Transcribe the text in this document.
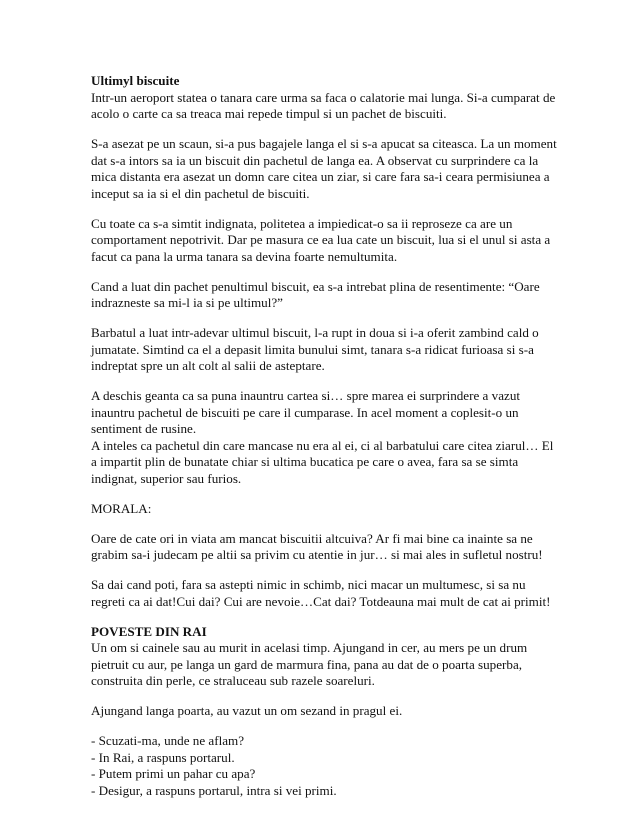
Ultimyl biscuite

Intr-un aeroport statea o tanara care urma sa faca o calatorie mai lunga. Si-a cumparat de
acolo o carte ca sa treaca mai repede timpul si un pachet de biscuiti.

S-a asezat pe un scaun, si-a pus bagajele langa el si s-a apucat sa citeasca. La un moment
dat s-a intors sa ia un biscuit din pachetul de langa ea. A observat cu surprindere ca la
mica distanta era asezat un domn care citea un ziar, si care fara sa-i ceara permisiunea a
inceput sa ia si el din pachetul de biscuiti.

Cu toate ca s-a simtit indignata, politetea a impiedicat-o sa ii reproseze ca are un
comportament nepotrivit. Dar pe masura ce ea lua cate un biscuit, lua si el unul si asta a
facut ca pana la urma tanara sa devina foarte nemultumita.

Cand a luat din pachet penultimul biscuit, ea s-a intrebat plina de resentimente: “Oare
indrazneste sa mi-l ia si pe ultimul?”

Barbatul a luat intr-adevar ultimul biscuit, l-a rupt in doua si i-a oferit zambind cald o
jumatate. Simtind ca el a depasit limita bunului simt, tanara s-a ridicat furioasa si s-a
indreptat spre un alt colt al salii de asteptare.

A deschis geanta ca sa puna inauntru cartea si… spre marea ei surprindere a vazut
inauntru pachetul de biscuiti pe care il cumparase. In acel moment a coplesit-o un
sentiment de rusine.

A inteles ca pachetul din care mancase nu era al ei, ci al barbatului care citea ziarul… El
a impartit plin de bunatate chiar si ultima bucatica pe care o avea, fara sa se simta
indignat, superior sau furios.

MORALA:

Oare de cate ori in viata am mancat biscuitii altcuiva? Ar fi mai bine ca inainte sa ne
grabim sa-i judecam pe altii sa privim cu atentie in jur… si mai ales in sufletul nostru!

Sa dai cand poti, fara sa astepti nimic in schimb, nici macar un multumesc, si sa nu
regreti ca ai dat!Cui dai? Cui are nevoie…Cat dai? Totdeauna mai mult de cat ai primit!

POVESTE DIN RAI

Un om si cainele sau au murit in acelasi timp. Ajungand in cer, au mers pe un drum
pietruit cu aur, pe langa un gard de marmura fina, pana au dat de o poarta superba,
construita din perle, ce straluceau sub razele soareluri.

Ajungand langa poarta, au vazut un om sezand in pragul ei.

- Scuzati-ma, unde ne aflam?

- In Rai, a raspuns portarul.

- Putem primi un pahar cu apa?

- Desigur, a raspuns portarul, intra si vei primi.
